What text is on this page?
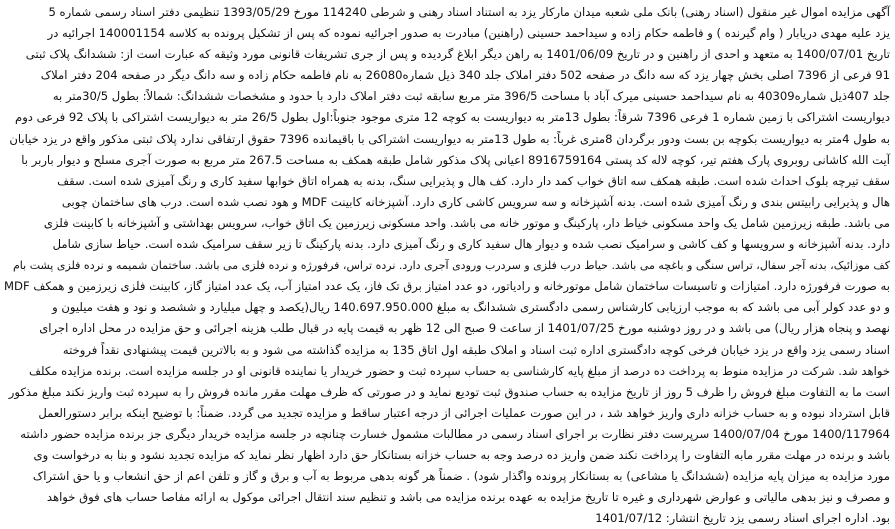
آگهی مزایده اموال غیر منقول (اسناد رهنی) بانک ملی شعبه میدان مارکار یزد به استناد اسناد رهنی و شرطی 114240 مورخ 1393/05/29 تنظیمی دفتر اسناد رسمی شماره 5
یزد علیه مهدی دریابار ( وام گیرنده ) و فاطمه حکام زاده و سیداحمد حسینی (راهنین) مبادرت به صدور اجرائیه نموده که پس از تشکیل پرونده به کلاسه 140001154 اجرائیه در
تاریخ 1400/07/01 به متعهد و احدی از راهنین و در تاریخ 1401/06/09 به راهن دیگر ابلاغ گردیده و پس از جری تشریفات قانونی مورد وثیقه که عبارت است از: ششدانگ پلاک ثبتی
91 فرعی از 7396 اصلی بخش چهار یزد که سه دانگ در صفحه 502 دفتر املاک جلد 340 ذیل شماره26080 به نام فاطمه حکام زاده و سه دانگ دیگر در صفحه 204 دفتر املاک
جلد 407ذیل شماره40309 به نام سیداحمد حسینی میرک آباد با مساحت 396/5 متر مربع سابقه ثبت دفتر املاک دارد با حدود و مشخصات ششدانگ: شمالاً: بطول 30/5متر به
دیواریست اشتراکی با زمین شماره 1 فرعی 7396 شرقاً: بطول 13متر به دیواریست به کوچه 12 متری موجود جنوباً:اول بطول 26/5 متر به دیواریست اشتراکی با پلاک 92 فرعی دوم
به طول 4متر به دیواریست بکوچه بن بست ودور برگردان 8متری غرباً: به طول 13متر به دیواریست اشتراکی با باقیمانده 7396 حقوق ارتفاقی ندارد پلاک ثبتی مذکور واقع در یزد خیابان
آیت الله کاشانی روبروی پارک هفتم تیر، کوچه لاله کد پستی 8916759164 اعیانی پلاک مذکور شامل طبقه همکف به مساحت 267.5 متر مربع به صورت آجری مسلح و دیوار باربر با
سقف تیرچه بلوک احداث شده است. طبقه همکف سه اتاق خواب کمد دار دارد. کف هال و پذیرایی سنگ، بدنه به همراه اتاق خوابها سفید کاری و رنگ آمیزی شده است. سقف
هال و پذیرایی رابیتس بندی و رنگ آمیزی شده است. بدنه آشپزخانه و سه سرویس کاشی کاری دارد. آشپزخانه کابینت MDF و هود نصب شده است. درب های ساختمان چوبی
می باشد. طبقه زیرزمین شامل یک واحد مسکونی خیاط دار، پارکینگ و موتور خانه می باشد. واحد مسکونی زیرزمین یک اتاق خواب، سرویس بهداشتی و آشپزخانه با کابینت فلزی
دارد. بدنه آشپزخانه و سرویسها و کف کاشی و سرامیک نصب شده و دیوار هال سفید کاری و رنگ آمیزی دارد. بدنه پارکینگ تا زیر سقف سرامیک شده است. حیاط سازی شامل
کف موزائیک، بدنه آجر سفال، تراس سنگی و باغچه می باشد. حیاط درب فلزی و سردرب ورودی آجری دارد. نرده تراس، فرفورژه و نرده فلزی می باشد. ساختمان شمیمه و نرده فلزی پشت بام
به صورت فرفورژه دارد. امتیازات و تاسیسات ساختمان شامل موتورخانه و رادیاتور، دو عدد امتیاز برق تک فاز، یک عدد امتیاز آب، یک عدد امتیاز گاز، کابینت فلزی زیرزمین و همکف MDF
و دو عدد کولر آبی می باشد که به موجب ارزیابی کارشناس رسمی دادگستری ششدانگ به مبلغ 140.697.950.000 ریال(یکصد و چهل میلیارد و ششصد و نود و هفت میلیون و
نهصد و پنجاه هزار ریال) می باشد و در روز دوشنبه مورخ 1401/07/25 از ساعت 9 صبح الی 12 ظهر به قیمت پایه در قبال طلب هزینه اجرائی و حق مزایده در محل اداره اجرای
اسناد رسمی یزد واقع در یزد خیابان فرخی کوچه دادگستری اداره ثبت اسناد و املاک طبقه اول اتاق 135 به مزایده گذاشته می شود و به بالاترین قیمت پیشنهادی نقداً فروخته
خواهد شد. شرکت در مزایده منوط به پرداخت ده درصد از مبلغ پایه کارشناسی به حساب سپرده ثبت و حضور خریدار یا نماینده قانونی او در جلسه مزایده است. برنده مزایده مکلف
است ما به التفاوت مبلغ فروش را ظرف 5 روز از تاریخ مزایده به حساب صندوق ثبت تودیع نماید و در صورتی که ظرف مهلت مقرر مانده فروش را به سپرده ثبت واریز نکند مبلغ مذکور
قابل استرداد نبوده و به حساب خزانه داری واریز خواهد شد ، در این صورت عملیات اجرائی از درجه اعتبار ساقط و مزایده تجدید می گردد. ضمناً: با توضیح اینکه برابر دستورالعمل
1400/117964 مورخ 1400/07/04 سرپرست دفتر نظارت بر اجرای اسناد رسمی در مطالبات مشمول خسارت چنانچه در جلسه مزایده خریدار دیگری جز برنده مزایده حضور داشته
باشد و برنده در مهلت مقرر مابه التفاوت را پرداخت نکند ضمن واریز ده درصد وجه به حساب خزانه بستانکار حق دارد اظهار نظر نماید که مزایده تجدید نشود و بنا به درخواست وی
مورد مزایده به میزان پایه مزایده (ششدانگ یا مشاعی) به بستانکار پرونده واگذار شود) . ضمناً هر گونه بدهی مربوط به آب و برق و گاز و تلفن اعم از حق انشعاب و یا حق اشتراک
و مصرف و نیز بدهی مالیاتی و عوارض شهرداری و غیره تا تاریخ مزایده به عهده برنده مزایده می باشد و تنظیم سند انتقال اجرائی موکول به ارائه مفاصا حساب های فوق خواهد
بود. اداره اجرای اسناد رسمی یزد تاریخ انتشار: 1401/07/12
